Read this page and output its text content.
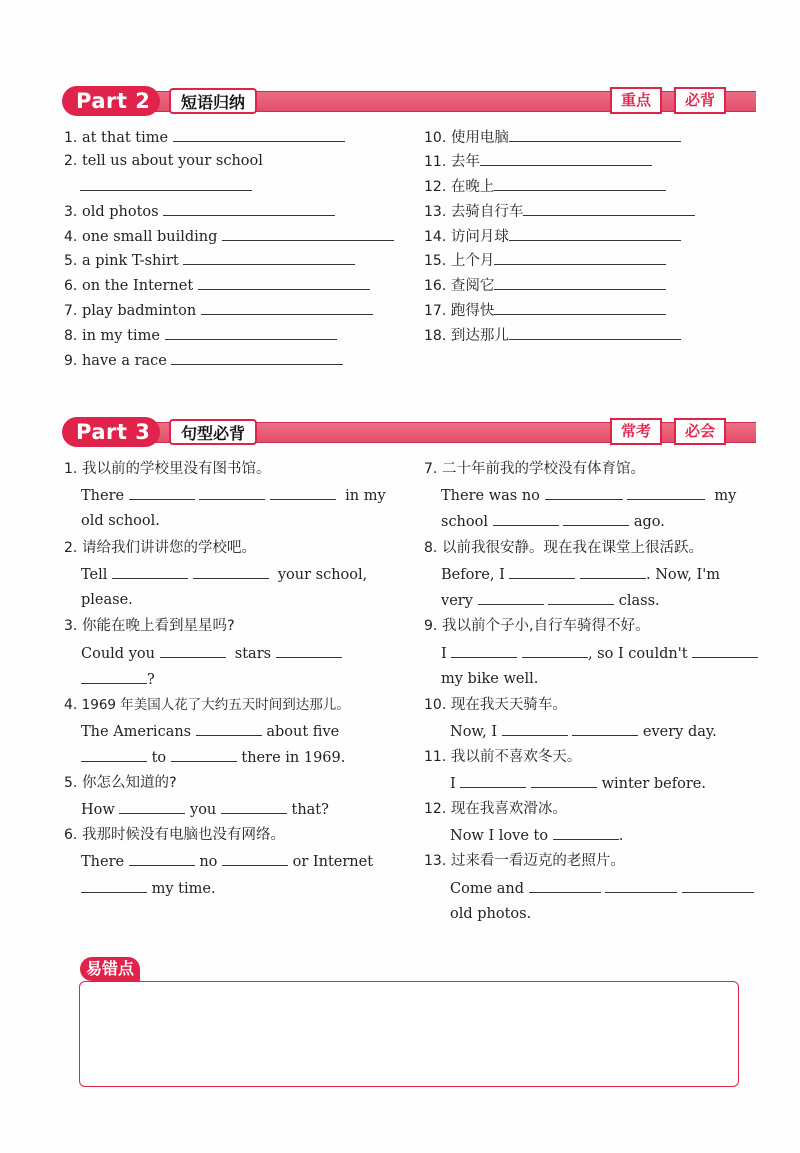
Part 2	短语归纳	重点	必背
1. at that time
2. tell us about your school
3. old photos
4. one small building
5. a pink T-shirt
6. on the Internet
7. play badminton
8. in my time
9. have a race
10. 使用电脑
11. 去年
12. 在晚上
13. 去骑自行车
14. 访问月球
15. 上个月
16. 查阅它
17. 跑得快
18. 到达那儿
Part 3	句型必背	常考	必会
1. 我以前的学校里没有图书馆。
There	in my
old school.
2. 请给我们讲讲您的学校吧。
Tell	your school,
please.
3. 你能在晚上看到星星吗?
Could you	stars
?
4. 1969 年美国人花了大约五天时间到达那儿。
The Americans	about five
to	there in 1969.
5. 你怎么知道的?
How	you	that?
6. 我那时候没有电脑也没有网络。
There	no	or Internet
my time.
7. 二十年前我的学校没有体育馆。
There was no	my
school	ago.
8. 以前我很安静。现在我在课堂上很活跃。
Before, I	. Now, I'm
very	class.
9. 我以前个子小,自行车骑得不好。
I	, so I couldn't
my bike well.
10. 现在我天天骑车。
Now, I	every day.
11. 我以前不喜欢冬天。
I	winter before.
12. 现在我喜欢滑冰。
Now I love to	.
13. 过来看一看迈克的老照片。
Come and
old photos.
易错点
